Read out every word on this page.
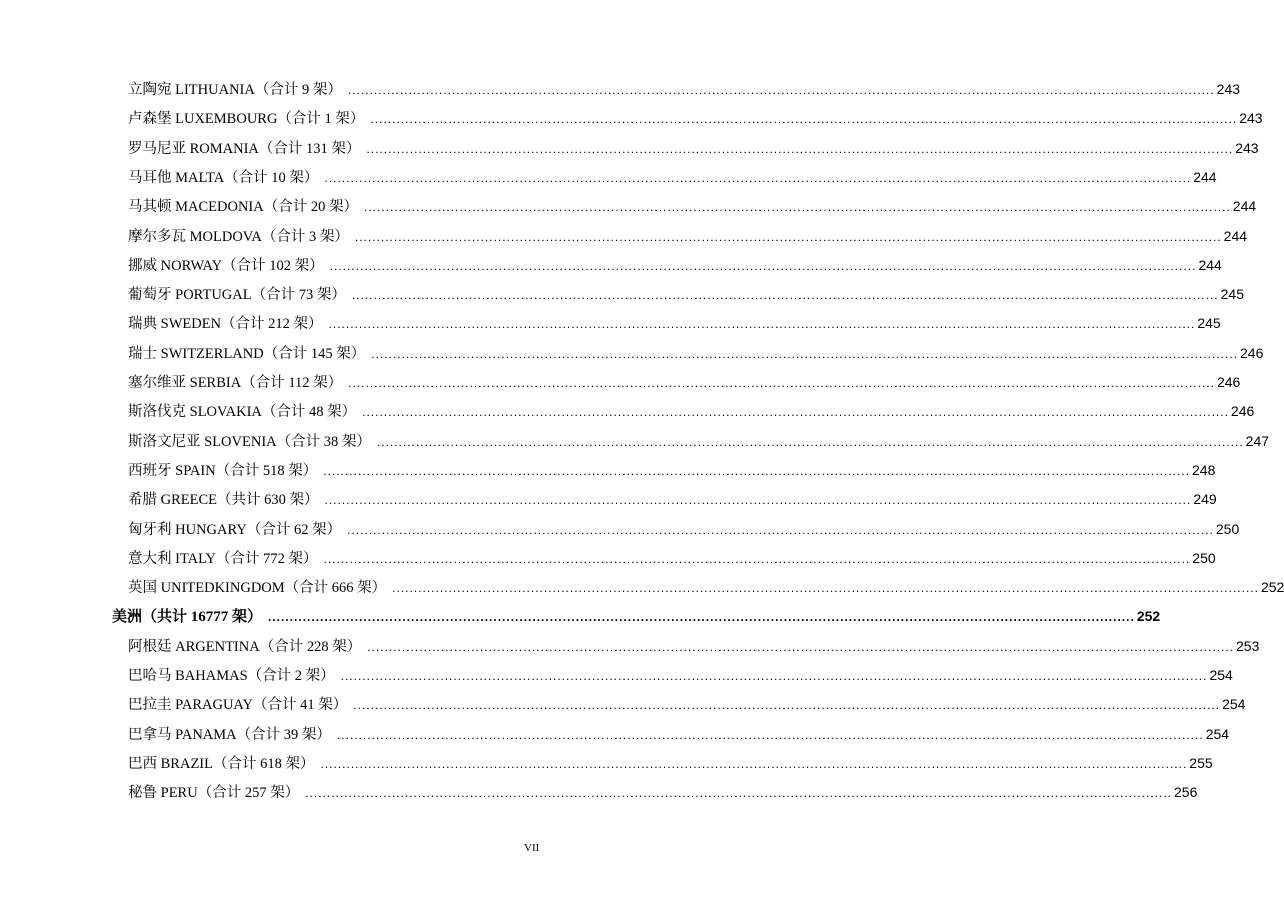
立陶宛 LITHUANIA（合计 9 架） ........................................................................................................................................................................................................ 243
卢森堡 LUXEMBOURG（合计 1 架） ........................................................................................................................................................................................................ 243
罗马尼亚 ROMANIA（合计 131 架） ........................................................................................................................................................................................................ 243
马耳他 MALTA（合计 10 架） ........................................................................................................................................................................................................ 244
马其顿 MACEDONIA（合计 20 架） ........................................................................................................................................................................................................ 244
摩尔多瓦 MOLDOVA（合计 3 架） ........................................................................................................................................................................................................ 244
挪威 NORWAY（合计 102 架） ........................................................................................................................................................................................................ 244
葡萄牙 PORTUGAL（合计 73 架） ........................................................................................................................................................................................................ 245
瑞典 SWEDEN（合计 212 架） ........................................................................................................................................................................................................ 245
瑞士 SWITZERLAND（合计 145 架） ........................................................................................................................................................................................................ 246
塞尔维亚 SERBIA（合计 112 架） ........................................................................................................................................................................................................ 246
斯洛伐克 SLOVAKIA（合计 48 架） ........................................................................................................................................................................................................ 246
斯洛文尼亚 SLOVENIA（合计 38 架） ........................................................................................................................................................................................................ 247
西班牙 SPAIN（合计 518 架） ........................................................................................................................................................................................................ 248
希腊 GREECE（共计 630 架） ........................................................................................................................................................................................................ 249
匈牙利 HUNGARY（合计 62 架） ........................................................................................................................................................................................................ 250
意大利 ITALY（合计 772 架） ........................................................................................................................................................................................................ 250
英国 UNITEDKINGDOM（合计 666 架） ........................................................................................................................................................................................................ 252
美洲（共计 16777 架） ........................................................................................................................................................................................................ 252
阿根廷 ARGENTINA（合计 228 架） ........................................................................................................................................................................................................ 253
巴哈马 BAHAMAS（合计 2 架） ........................................................................................................................................................................................................ 254
巴拉圭 PARAGUAY（合计 41 架） ........................................................................................................................................................................................................ 254
巴拿马 PANAMA（合计 39 架） ........................................................................................................................................................................................................ 254
巴西 BRAZIL（合计 618 架） ........................................................................................................................................................................................................ 255
秘鲁 PERU（合计 257 架） ........................................................................................................................................................................................................ 256
VII
